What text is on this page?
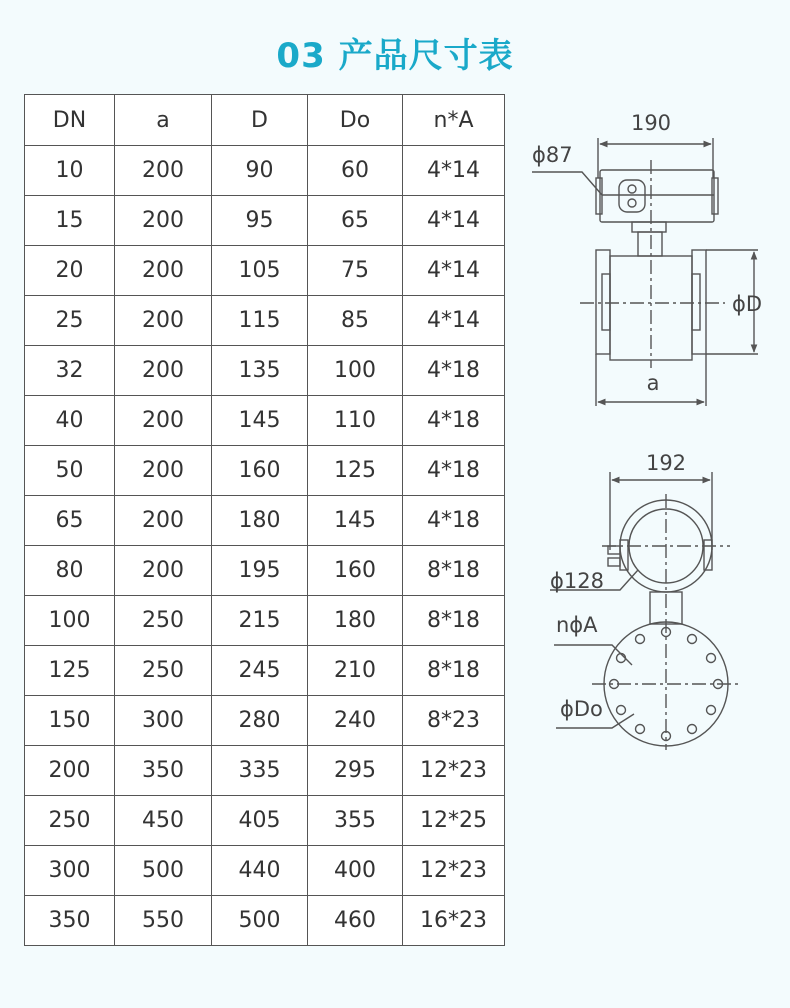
03 产品尺寸表
DN	a	D	Do	n*A
10	200	90	60	4*14
15	200	95	65	4*14
20	200	105	75	4*14
25	200	115	85	4*14
32	200	135	100	4*18
40	200	145	110	4*18
50	200	160	125	4*18
65	200	180	145	4*18
80	200	195	160	8*18
100	250	215	180	8*18
125	250	245	210	8*18
150	300	280	240	8*23
200	350	335	295	12*23
250	450	405	355	12*25
300	500	440	400	12*23
350	550	500	460	16*23
190
ϕ87
ϕD
a
192
ϕ128
nϕA
ϕDo
